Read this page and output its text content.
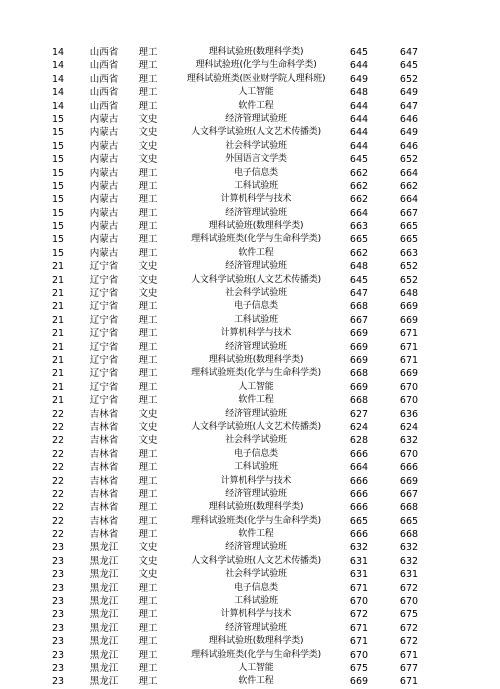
14	山西省	理工	理科试验班(数理科学类)	645	647
14	山西省	理工	理科试验班(化学与生命科学类)	644	645
14	山西省	理工	理科试验班类(医业财学院人理科班)	649	652
14	山西省	理工	人工智能	648	649
14	山西省	理工	软件工程	644	647
15	内蒙古	文史	经济管理试验班	644	646
15	内蒙古	文史	人文科学试验班(人文艺术传播类)	644	649
15	内蒙古	文史	社会科学试验班	644	646
15	内蒙古	文史	外国语言文学类	645	652
15	内蒙古	理工	电子信息类	662	664
15	内蒙古	理工	工科试验班	662	662
15	内蒙古	理工	计算机科学与技术	662	664
15	内蒙古	理工	经济管理试验班	664	667
15	内蒙古	理工	理科试验班(数理科学类)	663	665
15	内蒙古	理工	理科试验班类(化学与生命科学类)	665	665
15	内蒙古	理工	软件工程	662	663
21	辽宁省	文史	经济管理试验班	648	652
21	辽宁省	文史	人文科学试验班(人文艺术传播类)	645	652
21	辽宁省	文史	社会科学试验班	647	648
21	辽宁省	理工	电子信息类	668	669
21	辽宁省	理工	工科试验班	667	669
21	辽宁省	理工	计算机科学与技术	669	671
21	辽宁省	理工	经济管理试验班	669	671
21	辽宁省	理工	理科试验班(数理科学类)	669	671
21	辽宁省	理工	理科试验班类(化学与生命科学类)	668	669
21	辽宁省	理工	人工智能	669	670
21	辽宁省	理工	软件工程	668	670
22	吉林省	文史	经济管理试验班	627	636
22	吉林省	文史	人文科学试验班(人文艺术传播类)	624	624
22	吉林省	文史	社会科学试验班	628	632
22	吉林省	理工	电子信息类	666	670
22	吉林省	理工	工科试验班	664	666
22	吉林省	理工	计算机科学与技术	666	669
22	吉林省	理工	经济管理试验班	666	667
22	吉林省	理工	理科试验班(数理科学类)	666	668
22	吉林省	理工	理科试验班类(化学与生命科学类)	665	665
22	吉林省	理工	软件工程	666	668
23	黑龙江	文史	经济管理试验班	632	632
23	黑龙江	文史	人文科学试验班(人文艺术传播类)	631	632
23	黑龙江	文史	社会科学试验班	631	631
23	黑龙江	理工	电子信息类	671	672
23	黑龙江	理工	工科试验班	670	670
23	黑龙江	理工	计算机科学与技术	672	675
23	黑龙江	理工	经济管理试验班	671	672
23	黑龙江	理工	理科试验班(数理科学类)	671	672
23	黑龙江	理工	理科试验班类(化学与生命科学类)	670	671
23	黑龙江	理工	人工智能	675	677
23	黑龙江	理工	软件工程	669	671
